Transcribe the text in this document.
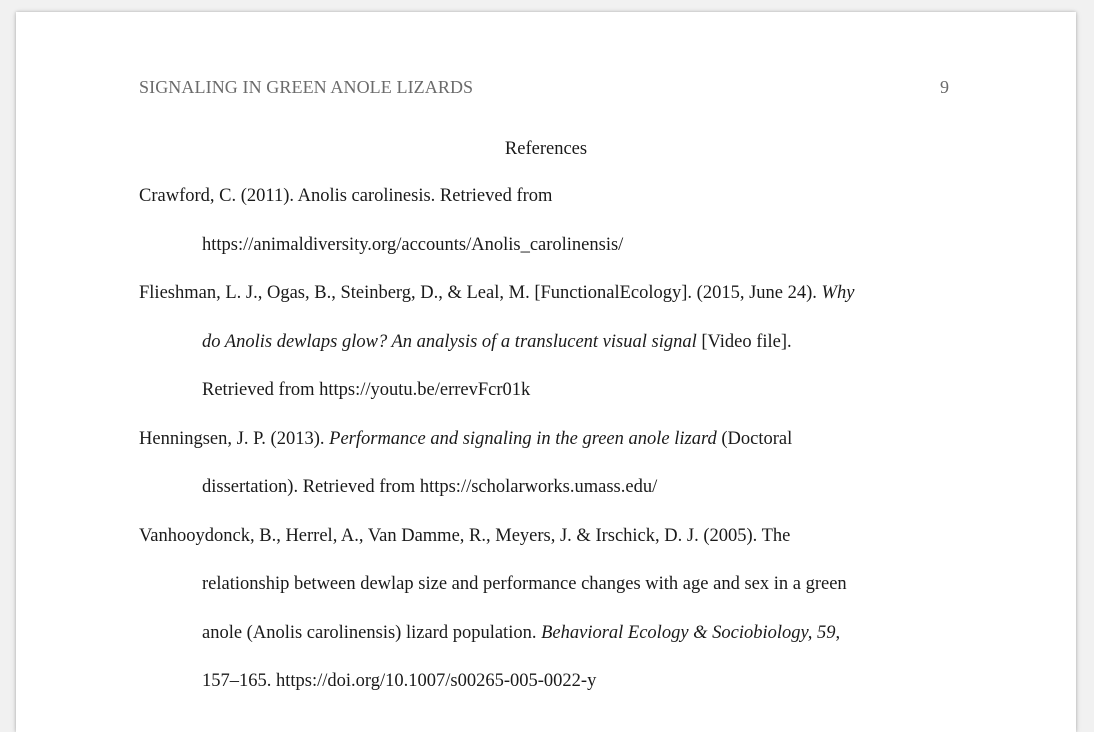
SIGNALING IN GREEN ANOLE LIZARDS	9
References
Crawford, C. (2011). Anolis carolinesis. Retrieved from
https://animaldiversity.org/accounts/Anolis_carolinensis/
Flieshman, L. J., Ogas, B., Steinberg, D., & Leal, M. [FunctionalEcology]. (2015, June 24). Why
do Anolis dewlaps glow? An analysis of a translucent visual signal [Video file].
Retrieved from https://youtu.be/errevFcr01k
Henningsen, J. P. (2013). Performance and signaling in the green anole lizard (Doctoral
dissertation). Retrieved from https://scholarworks.umass.edu/
Vanhooydonck, B., Herrel, A., Van Damme, R., Meyers, J. & Irschick, D. J. (2005). The
relationship between dewlap size and performance changes with age and sex in a green
anole (Anolis carolinensis) lizard population. Behavioral Ecology & Sociobiology, 59,
157–165. https://doi.org/10.1007/s00265-005-0022-y
